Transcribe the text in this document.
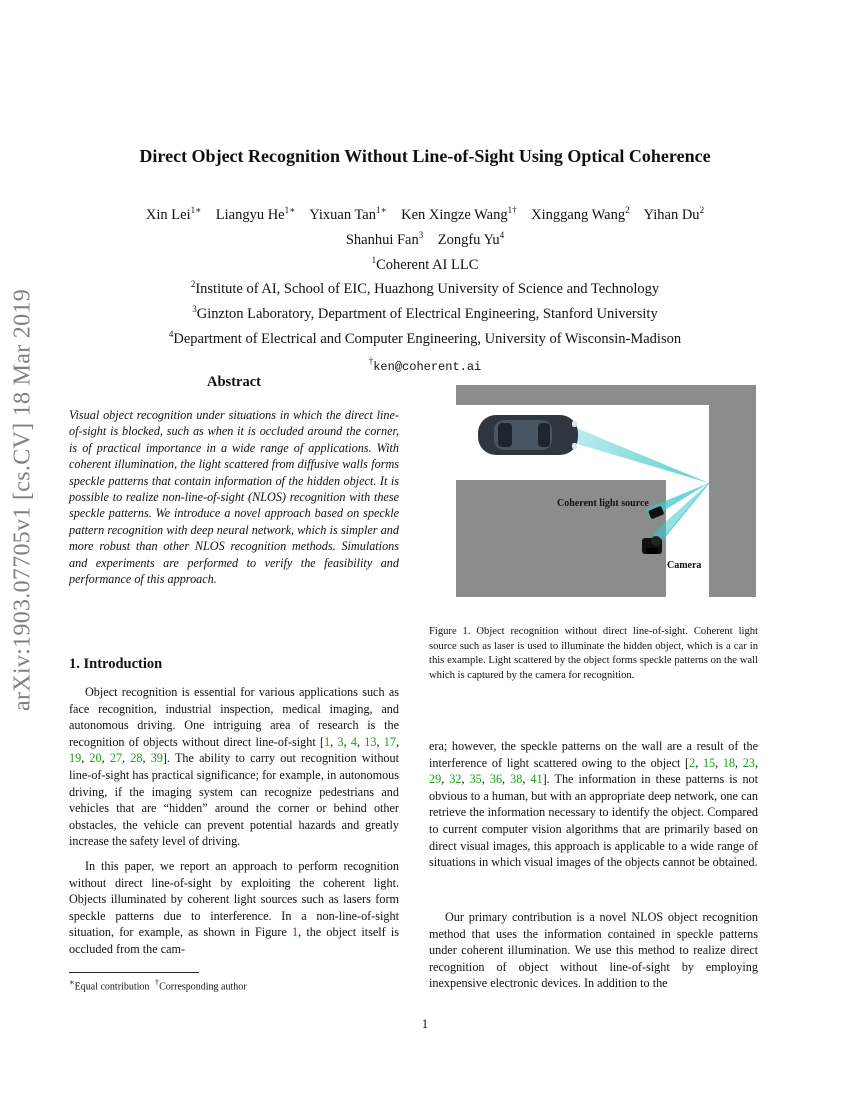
arXiv:1903.07705v1 [cs.CV] 18 Mar 2019
Direct Object Recognition Without Line-of-Sight Using Optical Coherence
Xin Lei$^{1∗}$ Liangyu $He^{1∗}$ Yixuan Tan$^{1∗}$ Ken Xingze Wang$^{1\dagger}$ Xinggang Wang$^2$ Yihan Du$^2$
Shanhui Fan$^3$ Zongfu Yu$^4$
$^1$Coherent AI LLC
$^2$Institute of AI, School of EIC, Huazhong University of Science and Technology
$^3$Ginzton Laboratory, Department of Electrical Engineering, Stanford University
$^4$Department of Electrical and Computer Engineering, University of Wisconsin-Madison
†ken@coherent.ai
Abstract
Visual object recognition under situations in which the direct line-of-sight is blocked, such as when it is occluded around the corner, is of practical importance in a wide range of applications. With coherent illumination, the light scattered from diffusive walls forms speckle patterns that contain information of the hidden object. It is possible to realize non-line-of-sight (NLOS) recognition with these speckle patterns. We introduce a novel approach based on speckle pattern recognition with deep neural network, which is simpler and more robust than other NLOS recognition methods. Simulations and experiments are performed to verify the feasibility and performance of this approach.
1. Introduction
Object recognition is essential for various applications such as face recognition, industrial inspection, medical imaging, and autonomous driving. One intriguing area of research is the recognition of objects without direct line-of-sight [1, 3, 4, 13, 17, 19, 20, 27, 28, 39]. The ability to carry out recognition without line-of-sight has practical significance; for example, in autonomous driving, if the imaging system can recognize pedestrians and vehicles that are “hidden” around the corner or behind other obstacles, the vehicle can prevent potential hazards and greatly increase the safety level of driving.
In this paper, we report an approach to perform recognition without direct line-of-sight by exploiting the coherent light. Objects illuminated by coherent light sources such as lasers form speckle patterns due to interference. In a non-line-of-sight situation, for example, as shown in Figure 1, the object itself is occluded from the cam-
∗Equal contribution †Corresponding author
Coherent light source
Camera
Figure 1. Object recognition without direct line-of-sight. Coherent light source such as laser is used to illuminate the hidden object, which is a car in this example. Light scattered by the object forms speckle patterns on the wall which is captured by the camera for recognition.
era; however, the speckle patterns on the wall are a result of the interference of light scattered owing to the object [2, 15, 18, 23, 29, 32, 35, 36, 38, 41]. The information in these patterns is not obvious to a human, but with an appropriate deep network, one can retrieve the information necessary to identify the object. Compared to current computer vision algorithms that are primarily based on direct visual images, this approach is applicable to a wide range of situations in which visual images of the objects cannot be obtained.
Our primary contribution is a novel NLOS object recognition method that uses the information contained in speckle patterns under coherent illumination. We use this method to realize direct recognition of object without line-of-sight by employing inexpensive electronic devices. In addition to the
1
